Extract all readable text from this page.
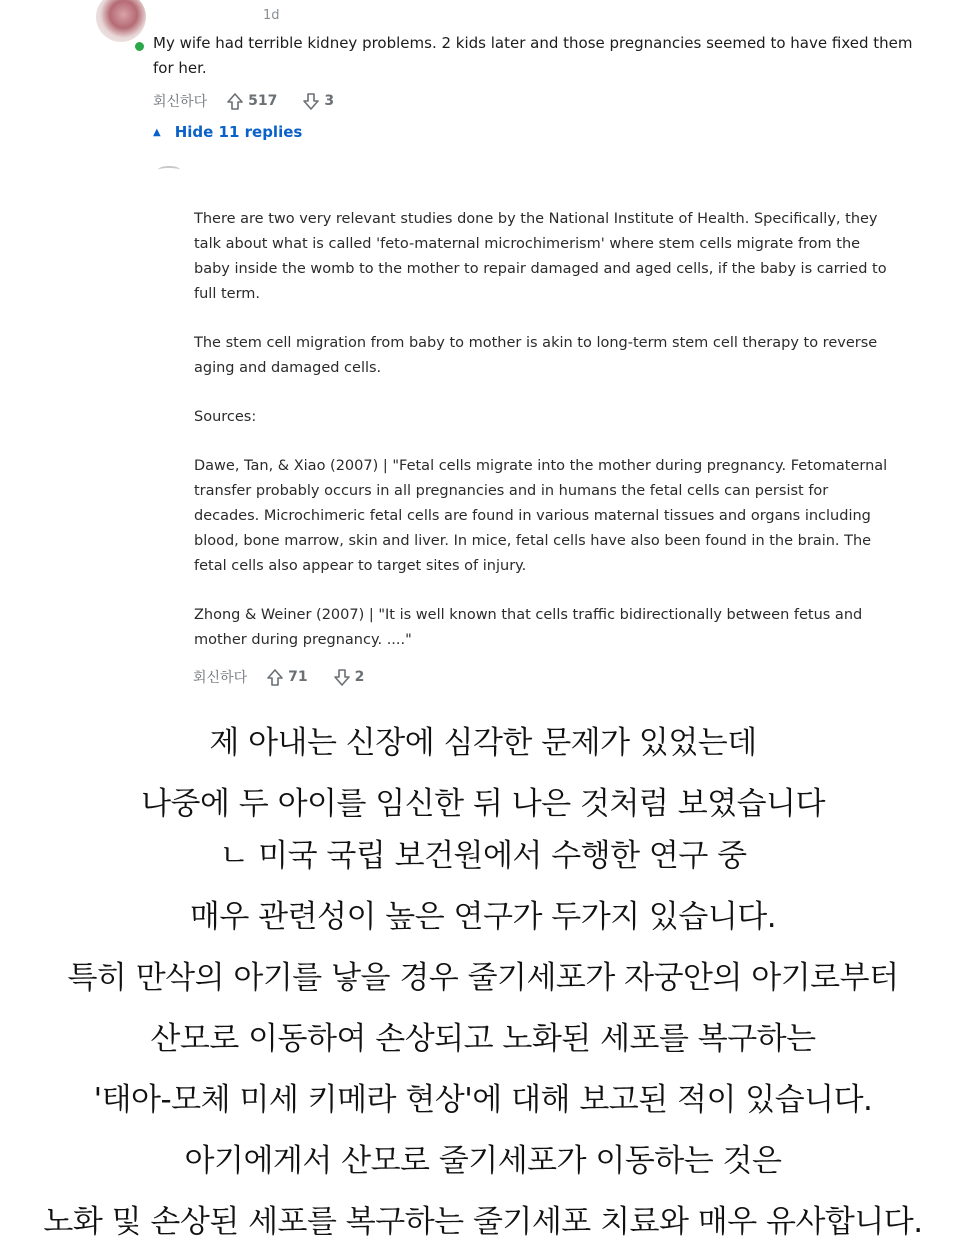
1d
My wife had terrible kidney problems. 2 kids later and those pregnancies seemed to have fixed them for her.
회신하다	517	3
▲ Hide 11 replies

There are two very relevant studies done by the National Institute of Health. Specifically, they talk about what is called 'feto-maternal microchimerism' where stem cells migrate from the baby inside the womb to the mother to repair damaged and aged cells, if the baby is carried to full term.

The stem cell migration from baby to mother is akin to long-term stem cell therapy to reverse aging and damaged cells.

Sources:

Dawe, Tan, & Xiao (2007) | "Fetal cells migrate into the mother during pregnancy. Fetomaternal transfer probably occurs in all pregnancies and in humans the fetal cells can persist for decades. Microchimeric fetal cells are found in various maternal tissues and organs including blood, bone marrow, skin and liver. In mice, fetal cells have also been found in the brain. The fetal cells also appear to target sites of injury.

Zhong & Weiner (2007) | "It is well known that cells traffic bidirectionally between fetus and mother during pregnancy. ...."

회신하다	71	2
제 아내는 신장에 심각한 문제가 있었는데
나중에 두 아이를 임신한 뒤 나은 것처럼 보였습니다
ㄴ 미국 국립 보건원에서 수행한 연구 중
매우 관련성이 높은 연구가 두가지 있습니다.
특히 만삭의 아기를 낳을 경우 줄기세포가 자궁안의 아기로부터
산모로 이동하여 손상되고 노화된 세포를 복구하는
'태아-모체 미세 키메라 현상'에 대해 보고된 적이 있습니다.
아기에게서 산모로 줄기세포가 이동하는 것은
노화 및 손상된 세포를 복구하는 줄기세포 치료와 매우 유사합니다.
